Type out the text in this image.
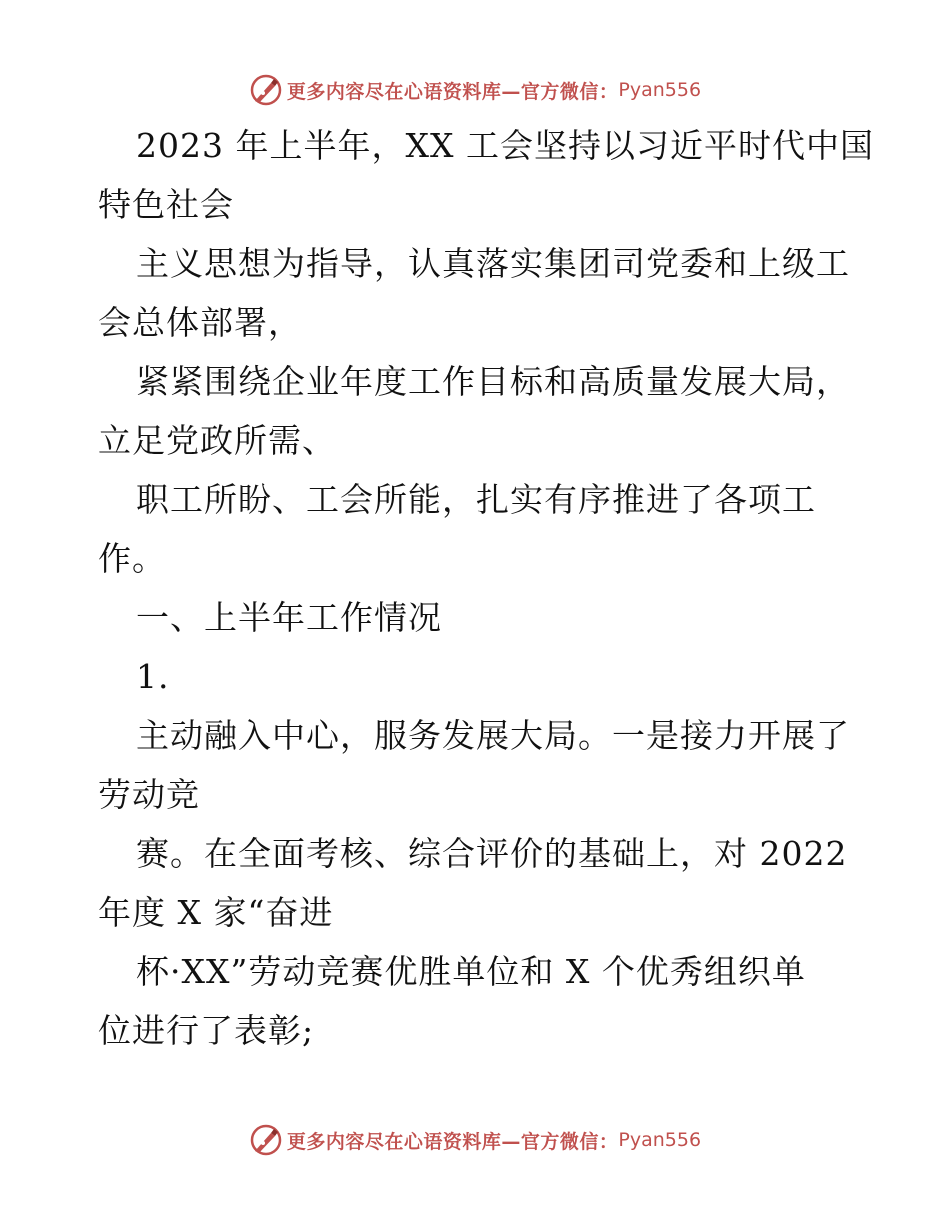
更多内容尽在心语资料库—官方微信： Pyan556
2023 年上半年，XX 工会坚持以习近平时代中国
特色社会
主义思想为指导，认真落实集团司党委和上级工
会总体部署，
紧紧围绕企业年度工作目标和高质量发展大局，
立足党政所需、
职工所盼、工会所能，扎实有序推进了各项工
作。
一、上半年工作情况
1.
主动融入中心，服务发展大局。一是接力开展了
劳动竞
赛。在全面考核、综合评价的基础上，对 2022
年度 X 家“奋进
杯·XX”劳动竞赛优胜单位和 X 个优秀组织单
位进行了表彰;
更多内容尽在心语资料库—官方微信： Pyan556
